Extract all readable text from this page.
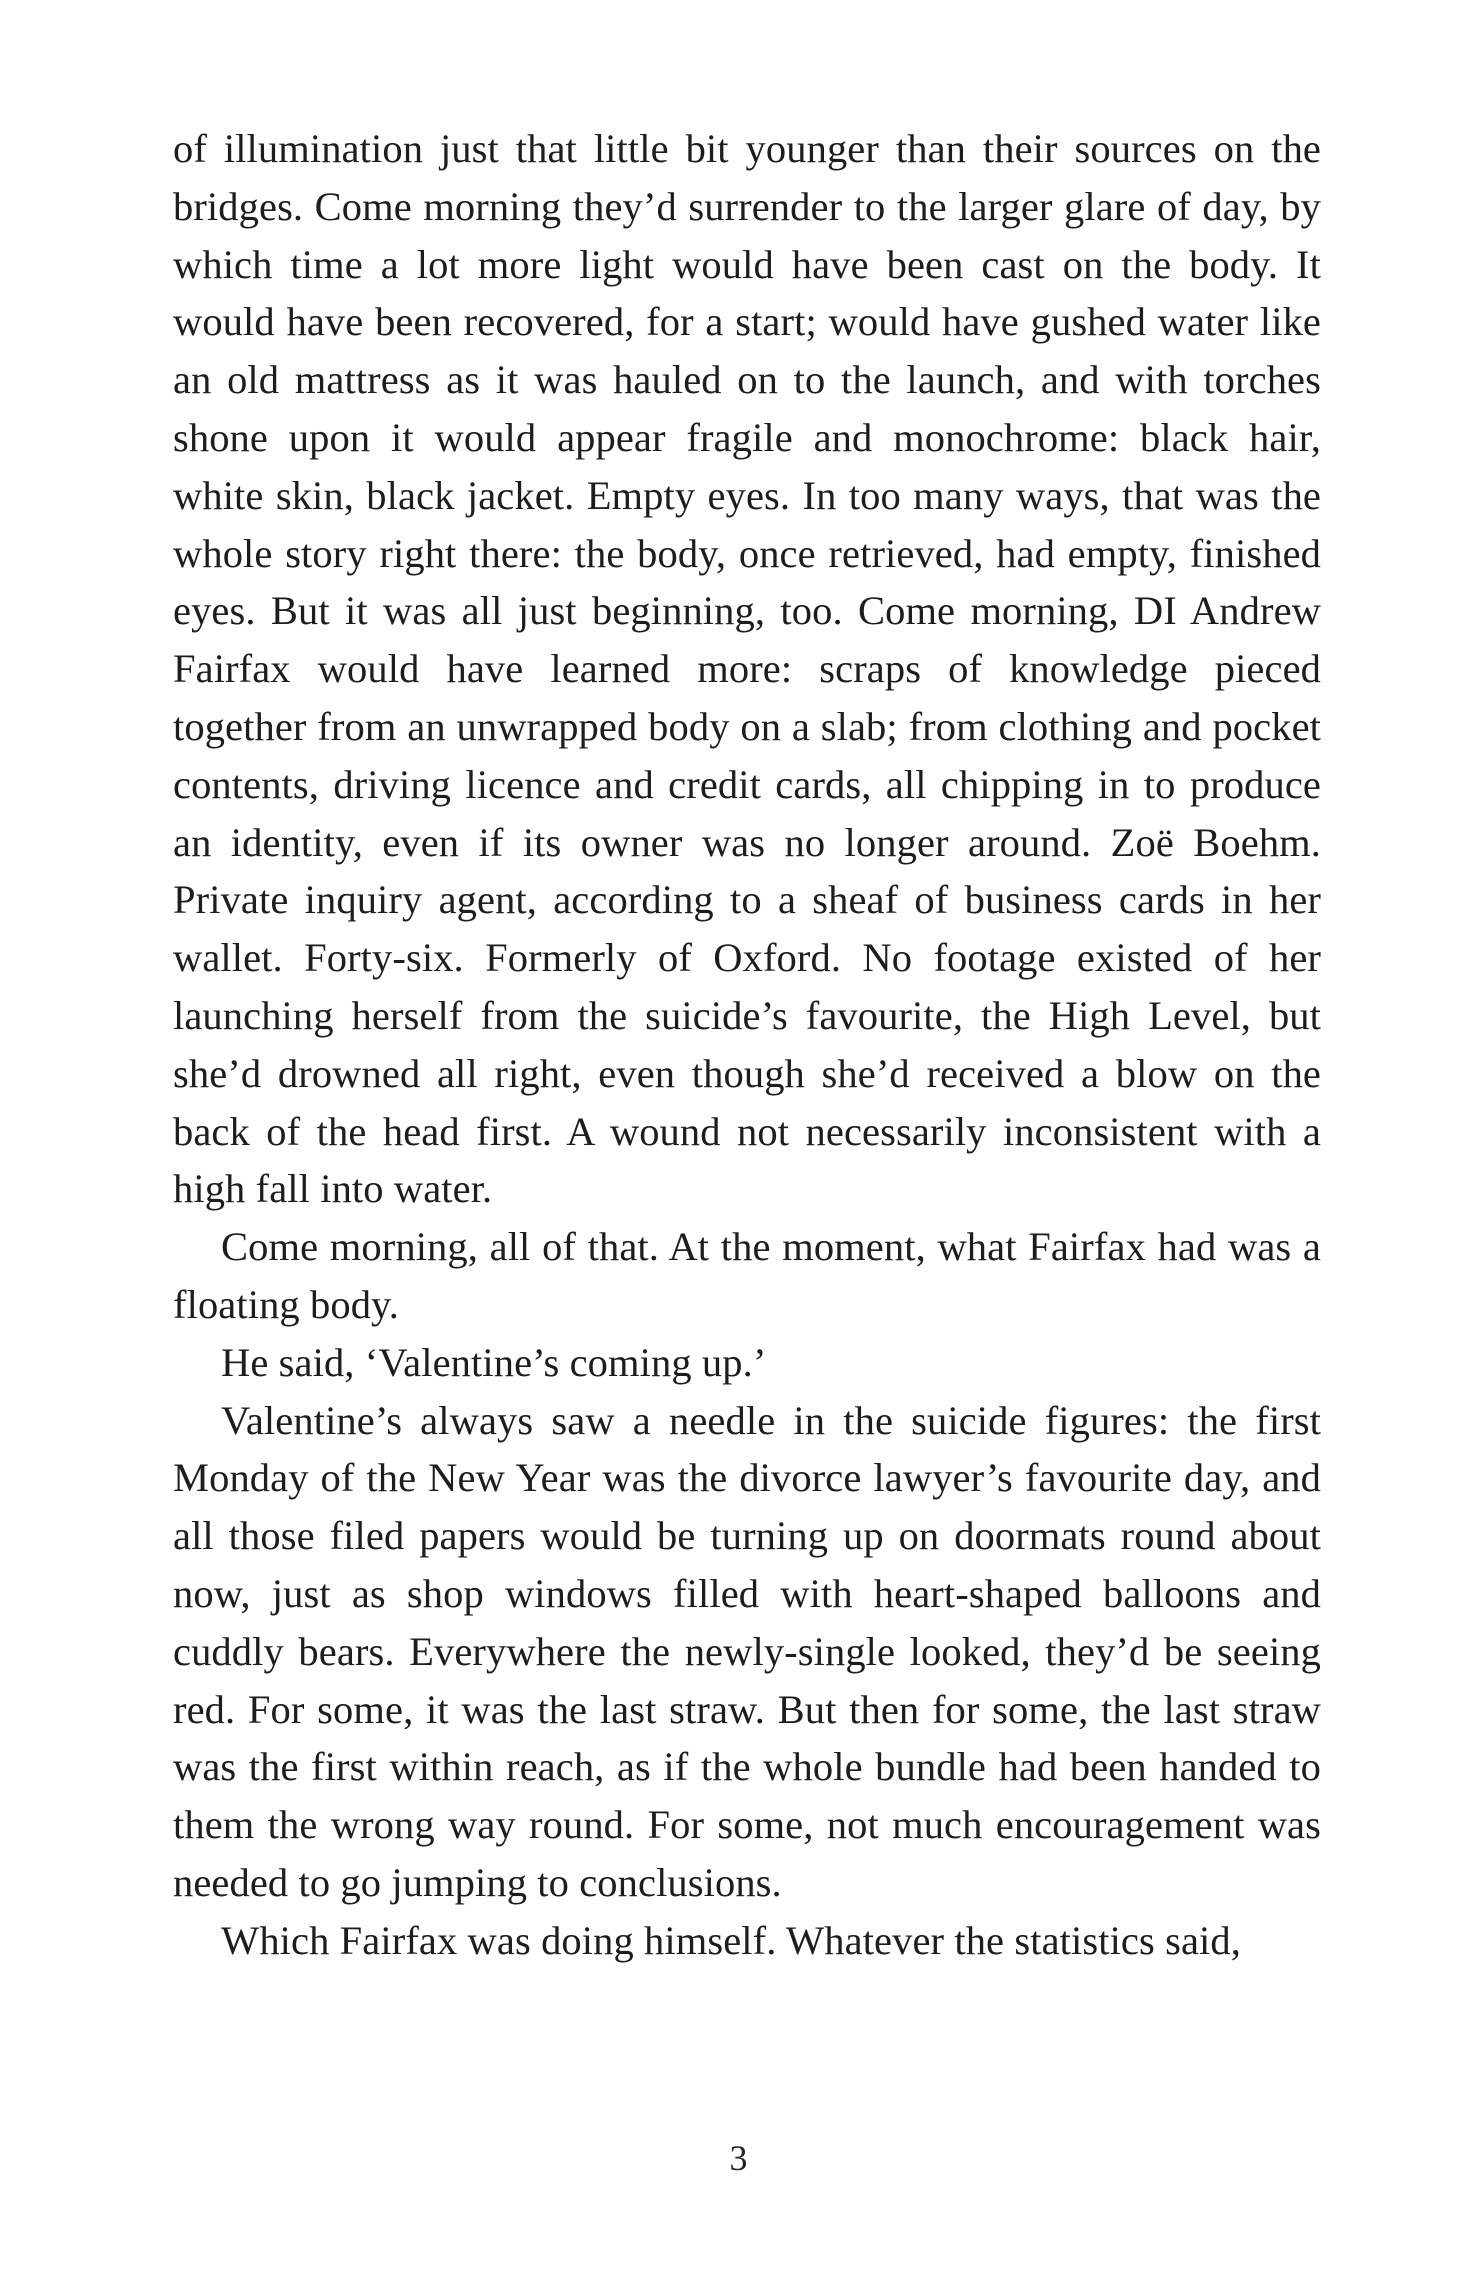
of illumination just that little bit younger than their sources on the bridges. Come morning they’d surrender to the larger glare of day, by which time a lot more light would have been cast on the body. It would have been recovered, for a start; would have gushed water like an old mattress as it was hauled on to the launch, and with torches shone upon it would appear fragile and monochrome: black hair, white skin, black jacket. Empty eyes. In too many ways, that was the whole story right there: the body, once retrieved, had empty, finished eyes. But it was all just beginning, too. Come morning, DI Andrew Fairfax would have learned more: scraps of knowledge pieced together from an unwrapped body on a slab; from clothing and pocket contents, driving licence and credit cards, all chipping in to produce an identity, even if its owner was no longer around. Zoë Boehm. Private inquiry agent, according to a sheaf of business cards in her wallet. Forty-six. Formerly of Oxford. No footage existed of her launching herself from the suicide’s favourite, the High Level, but she’d drowned all right, even though she’d received a blow on the back of the head first. A wound not necessarily inconsistent with a high fall into water.

Come morning, all of that. At the moment, what Fairfax had was a floating body.

He said, ‘Valentine’s coming up.’

Valentine’s always saw a needle in the suicide figures: the first Monday of the New Year was the divorce lawyer’s favourite day, and all those filed papers would be turning up on doormats round about now, just as shop windows filled with heart-shaped balloons and cuddly bears. Everywhere the newly-single looked, they’d be seeing red. For some, it was the last straw. But then for some, the last straw was the first within reach, as if the whole bundle had been handed to them the wrong way round. For some, not much encouragement was needed to go jumping to conclusions.

Which Fairfax was doing himself. Whatever the statistics said,

3
